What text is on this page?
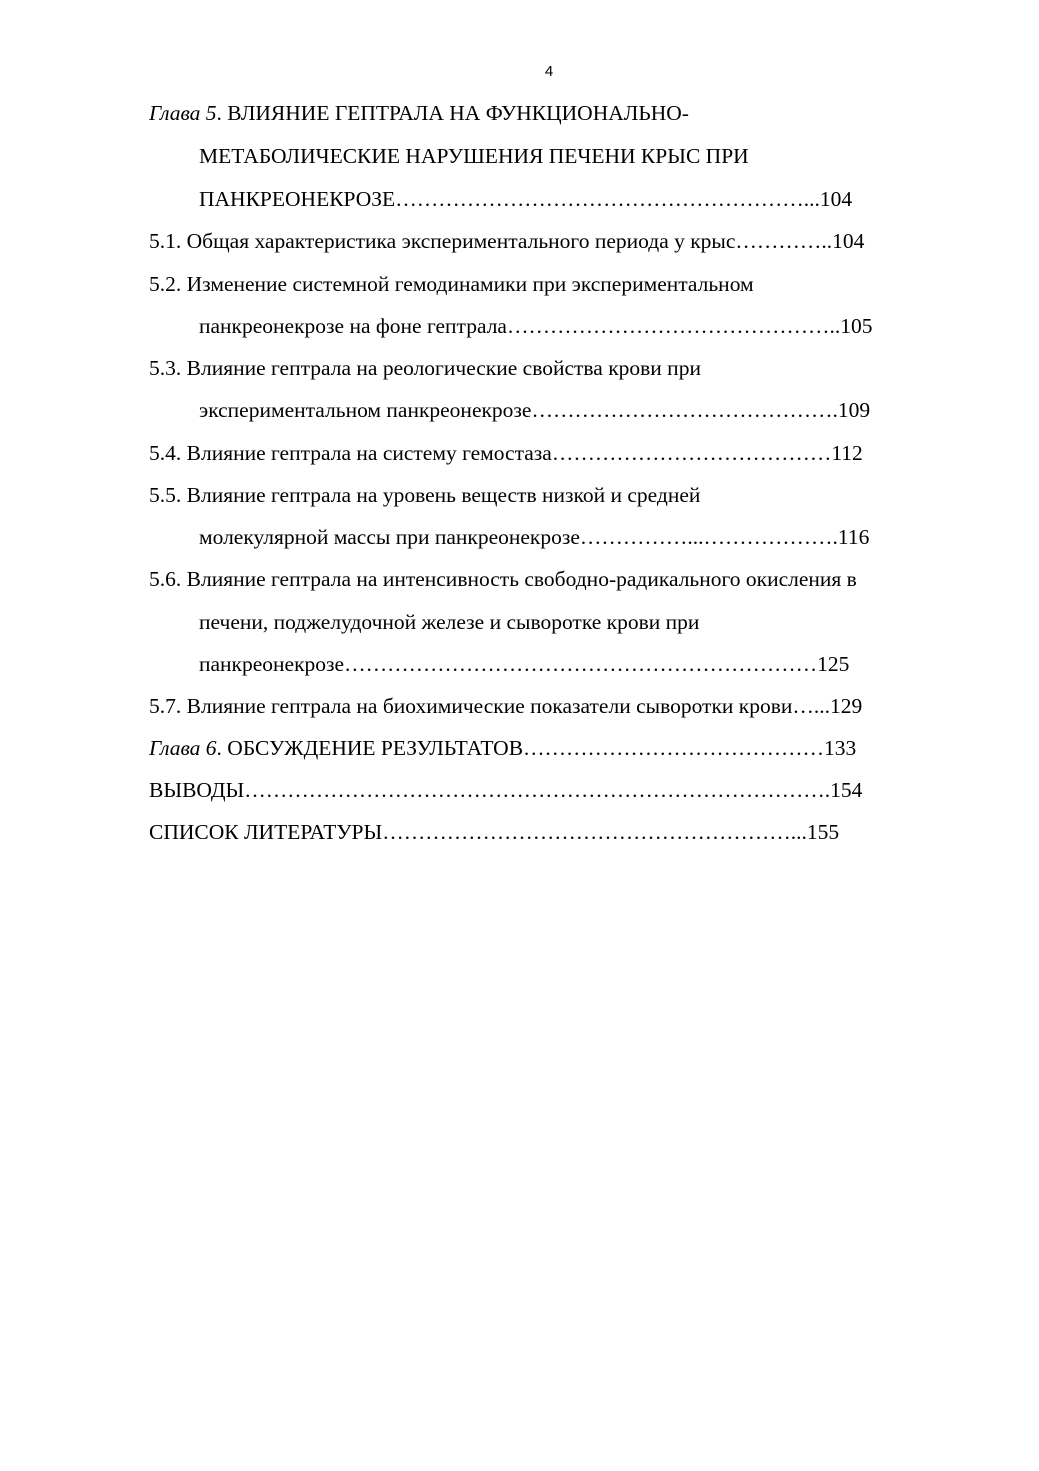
4
Глава 5. ВЛИЯНИЕ ГЕПТРАЛА НА ФУНКЦИОНАЛЬНО-
МЕТАБОЛИЧЕСКИЕ НАРУШЕНИЯ ПЕЧЕНИ КРЫС ПРИ
ПАНКРЕОНЕКРОЗЕ…………………………………………………...104
5.1. Общая характеристика экспериментального периода у крыс…………..104
5.2. Изменение системной гемодинамики при экспериментальном
панкреонекрозе на фоне гептрала………………………………………..105
5.3. Влияние гептрала на реологические свойства крови при
экспериментальном панкреонекрозе…………………………………….109
5.4. Влияние гептрала на систему гемостаза…………………………………112
5.5. Влияние гептрала на уровень веществ низкой и средней
молекулярной массы при панкреонекрозе……………...……………….116
5.6. Влияние гептрала на интенсивность свободно-радикального окисления в
печени, поджелудочной железе и сыворотке крови при
панкреонекрозе…………………………………………………………125
5.7. Влияние гептрала на биохимические показатели сыворотки крови…...129
Глава 6. ОБСУЖДЕНИЕ РЕЗУЛЬТАТОВ……………………………………133
ВЫВОДЫ……………………………………………………………………….154
СПИСОК ЛИТЕРАТУРЫ…………………………………………………...155
